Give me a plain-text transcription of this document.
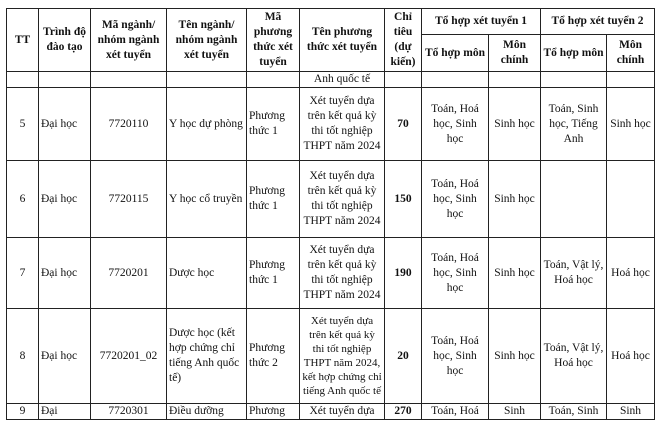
TT	Trình độ đào tạo	Mã ngành/ nhóm ngành xét tuyển	Tên ngành/ nhóm ngành xét tuyển	Mã phương thức xét tuyển	Tên phương thức xét tuyển	Chỉ tiêu (dự kiến)	Tổ hợp xét tuyển 1		Tổ hợp xét tuyển 2	
							Tổ hợp môn	Môn chính	Tổ hợp môn	Môn chính
					Anh quốc tế					
5	Đại học	7720110	Y học dự phòng	Phương thức 1	Xét tuyển dựa trên kết quả kỳ thi tốt nghiệp THPT năm 2024	70	Toán, Hoá học, Sinh học	Sinh học	Toán, Sinh học, Tiếng Anh	Sinh học
6	Đại học	7720115	Y học cổ truyền	Phương thức 1	Xét tuyển dựa trên kết quả kỳ thi tốt nghiệp THPT năm 2024	150	Toán, Hoá học, Sinh học	Sinh học		
7	Đại học	7720201	Dược học	Phương thức 1	Xét tuyển dựa trên kết quả kỳ thi tốt nghiệp THPT năm 2024	190	Toán, Hoá học, Sinh học	Sinh học	Toán, Vật lý, Hoá học	Hoá học
8	Đại học	7720201_02	Dược học (kết hợp chứng chỉ tiếng Anh quốc tế)	Phương thức 2	Xét tuyển dựa trên kết quả kỳ thi tốt nghiệp THPT năm 2024, kết hợp chứng chỉ tiếng Anh quốc tế	20	Toán, Hoá học, Sinh học	Sinh học	Toán, Vật lý, Hoá học	Hoá học
9	Đại	7720301	Điều dưỡng	Phương	Xét tuyển dựa	270	Toán, Hoá	Sinh	Toán, Sinh	Sinh
